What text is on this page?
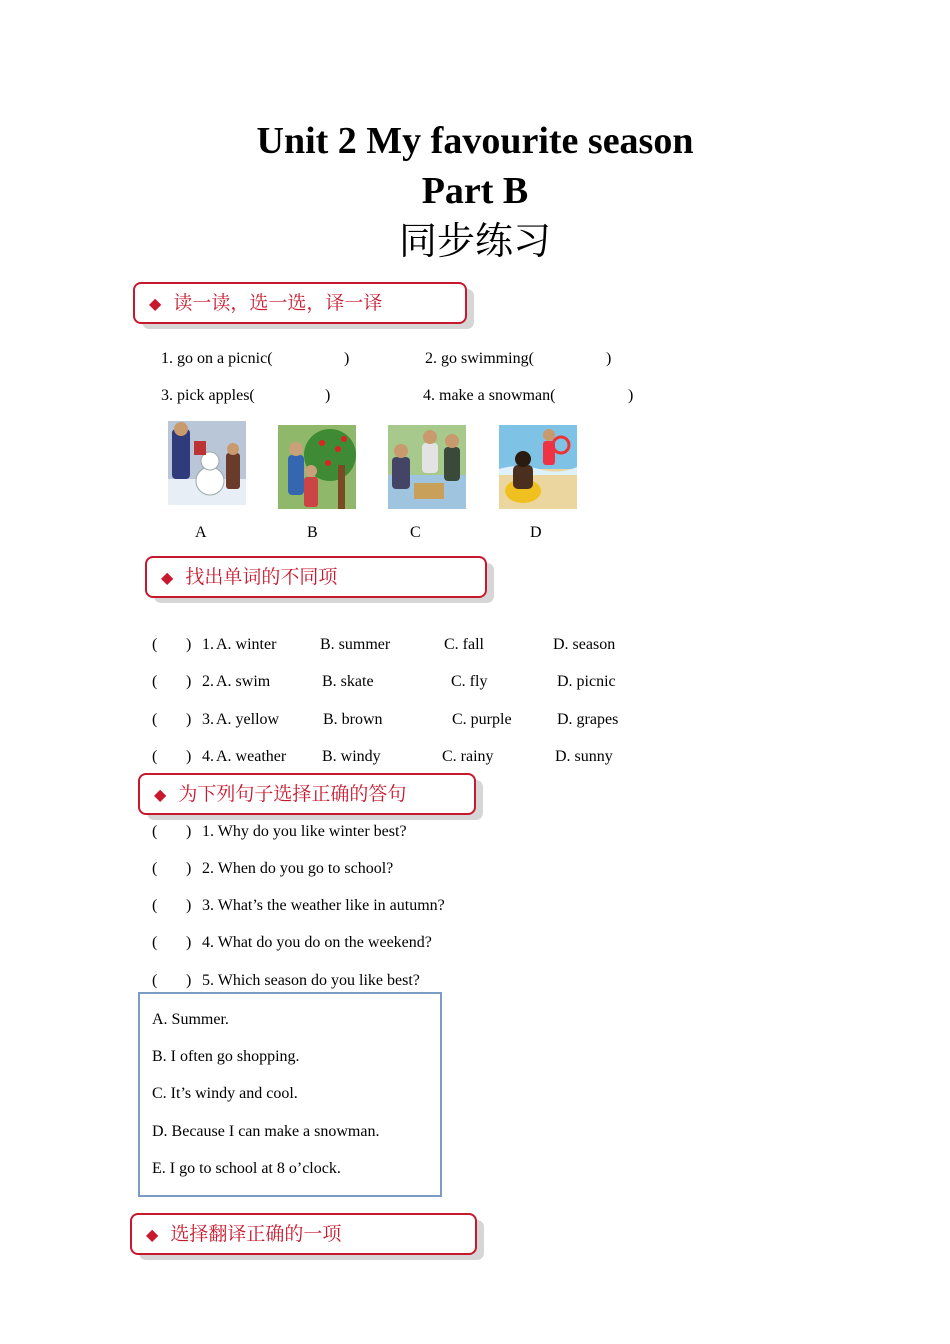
Unit 2 My favourite season
Part B
同步练习
◆ 读一读，选一选，译一译
1. go on a picnic(	)	2. go swimming(	)
3. pick apples(	)	4. make a snowman(	)
A	B	C	D
◆ 找出单词的不同项
( ) 1. A. winter	B. summer	C. fall	D. season
( ) 2. A. swim	B. skate	C. fly	D. picnic
( ) 3. A. yellow	B. brown	C. purple	D. grapes
( ) 4. A. weather B. windy	C. rainy	D. sunny
◆ 为下列句子选择正确的答句
( ) 1. Why do you like winter best?
( ) 2. When do you go to school?
( ) 3. What’s the weather like in autumn?
( ) 4. What do you do on the weekend?
( ) 5. Which season do you like best?
A. Summer.
B. I often go shopping.
C. It’s windy and cool.
D. Because I can make a snowman.
E. I go to school at 8 o’clock.
◆ 选择翻译正确的一项
